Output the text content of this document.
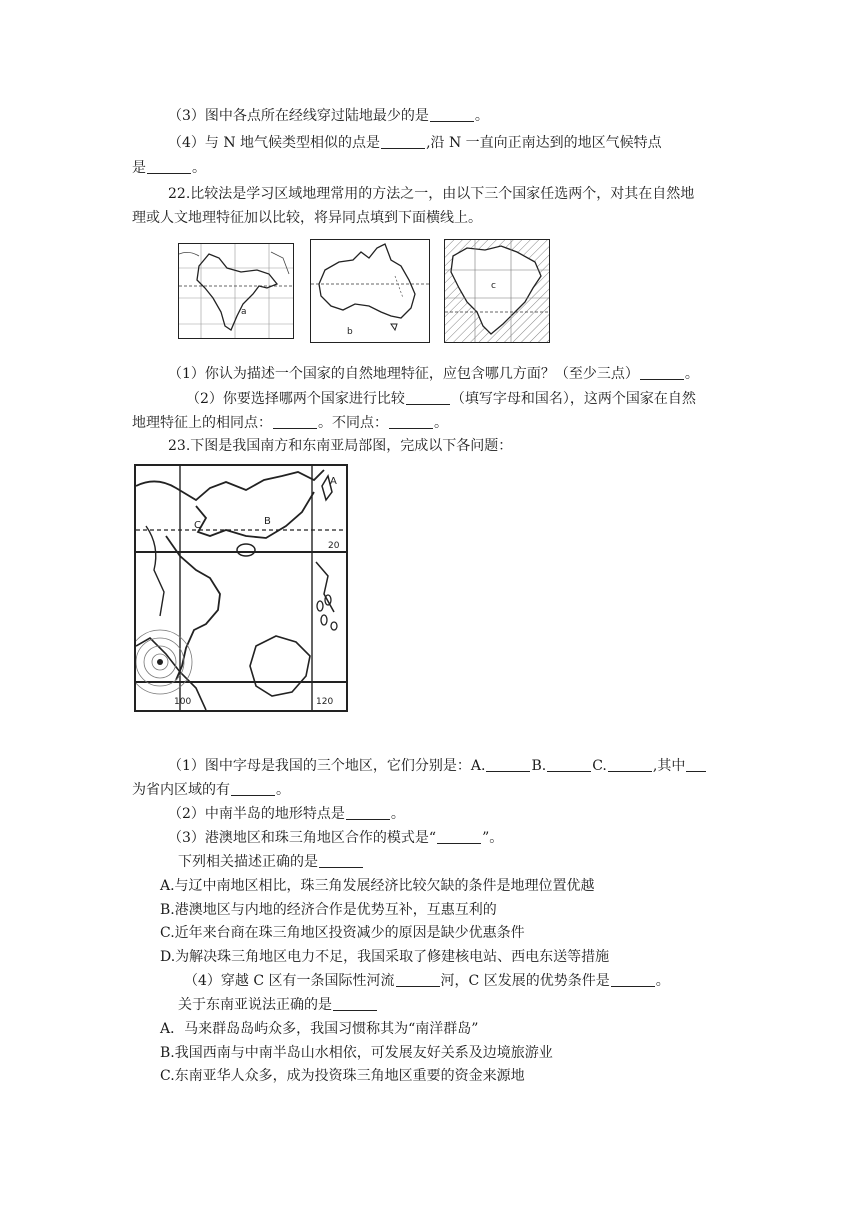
（3）图中各点所在经线穿过陆地最少的是	。
（4）与 N 地气候类型相似的点是	,沿 N 一直向正南达到的地区气候特点
是	。
22.比较法是学习区域地理常用的方法之一，由以下三个国家任选两个，对其在自然地
理或人文地理特征加以比较，将异同点填到下面横线上。
a
b
c
（1）你认为描述一个国家的自然地理特征，应包含哪几方面？（至少三点）	。
（2）你要选择哪两个国家进行比较	（填写字母和国名），这两个国家在自然
地理特征上的相同点：	。不同点：	。
23.下图是我国南方和东南亚局部图，完成以下各问题：
A
B
C
20
100	120
（1）图中字母是我国的三个地区，它们分别是：A.	B.	C.	,其中
为省内区域的有	。
（2）中南半岛的地形特点是	。
（3）港澳地区和珠三角地区合作的模式是“	”。
下列相关描述正确的是
A.与辽中南地区相比，珠三角发展经济比较欠缺的条件是地理位置优越
B.港澳地区与内地的经济合作是优势互补，互惠互利的
C.近年来台商在珠三角地区投资减少的原因是缺少优惠条件
D.为解决珠三角地区电力不足，我国采取了修建核电站、西电东送等措施
（4）穿越 C 区有一条国际性河流	河，C 区发展的优势条件是	。
关于东南亚说法正确的是
A．马来群岛岛屿众多，我国习惯称其为“南洋群岛”
B.我国西南与中南半岛山水相依，可发展友好关系及边境旅游业
C.东南亚华人众多，成为投资珠三角地区重要的资金来源地
